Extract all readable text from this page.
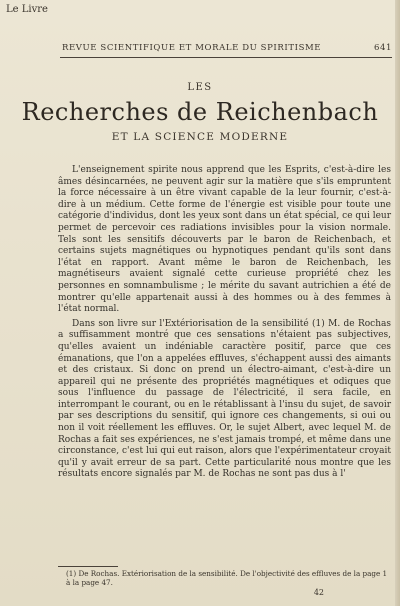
Le Livre
REVUE SCIENTIFIQUE ET MORALE DU SPIRITISME	641
LES
Recherches de Reichenbach
ET LA SCIENCE MODERNE

L'enseignement spirite nous apprend que les Esprits, c'est-à-dire les âmes désincarnées, ne peuvent agir sur la matière que s'ils empruntent la force nécessaire à un être vivant capable de la leur fournir, c'est-à-dire à un médium. Cette forme de l'énergie est visible pour toute une catégorie d'individus, dont les yeux sont dans un état spécial, ce qui leur permet de percevoir ces radiations invisibles pour la vision normale. Tels sont les sensitifs découverts par le baron de Reichenbach, et certains sujets magnétiques ou hypnotiques pendant qu'ils sont dans l'état en rapport. Avant même le baron de Reichenbach, les magnétiseurs avaient signalé cette curieuse propriété chez les personnes en somnambulisme ; le mérite du savant autrichien a été de montrer qu'elle appartenait aussi à des hommes ou à des femmes à l'état normal.

Dans son livre sur l'Extériorisation de la sensibilité (1) M. de Rochas a suffisamment montré que ces sensations n'étaient pas subjectives, qu'elles avaient un indéniable caractère positif, parce que ces émanations, que l'on a appelées effluves, s'échappent aussi des aimants et des cristaux. Si donc on prend un électro-aimant, c'est-à-dire un appareil qui ne présente des propriétés magnétiques et odiques que sous l'influence du passage de l'électricité, il sera facile, en interrompant le courant, ou en le rétablissant à l'insu du sujet, de savoir par ses descriptions du sensitif, qui ignore ces changements, si oui ou non il voit réellement les effluves. Or, le sujet Albert, avec lequel M. de Rochas a fait ses expériences, ne s'est jamais trompé, et même dans une circonstance, c'est lui qui eut raison, alors que l'expérimentateur croyait qu'il y avait erreur de sa part. Cette particularité nous montre que les résultats encore signalés par M. de Rochas ne sont pas dus à l'

(1) De Rochas. Extériorisation de la sensibilité. De l'objectivité des effluves de la page 1 à la page 47.
42
